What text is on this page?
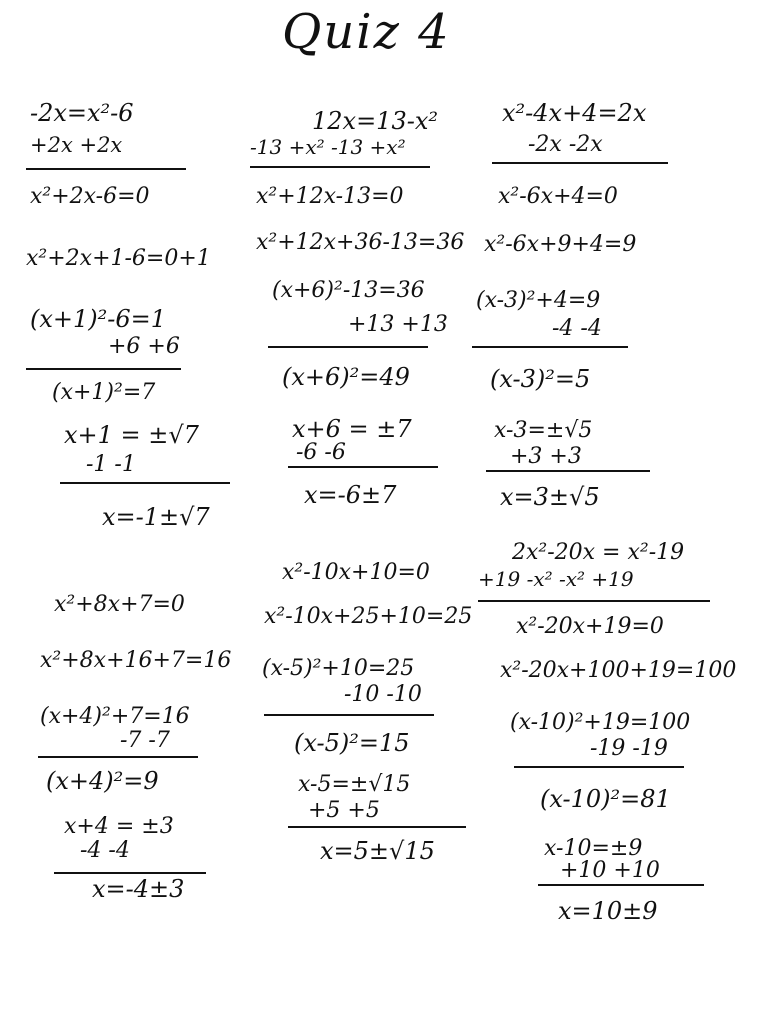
Quiz 4
-2x=x²-6
+2x +2x
x²+2x-6=0
x²+2x+1-6=0+1
(x+1)²-6=1
+6 +6
(x+1)²=7
x+1 = ±√7
-1 -1
x=-1±√7
12x=13-x²
-13 +x² -13 +x²
x²+12x-13=0
x²+12x+36-13=36
(x+6)²-13=36
+13 +13
(x+6)²=49
x+6 = ±7
-6 -6
x=-6±7
x²-4x+4=2x
-2x -2x
x²-6x+4=0
x²-6x+9+4=9
(x-3)²+4=9
-4 -4
(x-3)²=5
x-3=±√5
+3 +3
x=3±√5
x²+8x+7=0
x²+8x+16+7=16
(x+4)²+7=16
-7 -7
(x+4)²=9
x+4 = ±3
-4 -4
x=-4±3
x²-10x+10=0
x²-10x+25+10=25
(x-5)²+10=25
-10 -10
(x-5)²=15
x-5=±√15
+5 +5
x=5±√15
2x²-20x = x²-19
+19 -x² -x² +19
x²-20x+19=0
x²-20x+100+19=100
(x-10)²+19=100
-19 -19
(x-10)²=81
x-10=±9
+10 +10
x=10±9
